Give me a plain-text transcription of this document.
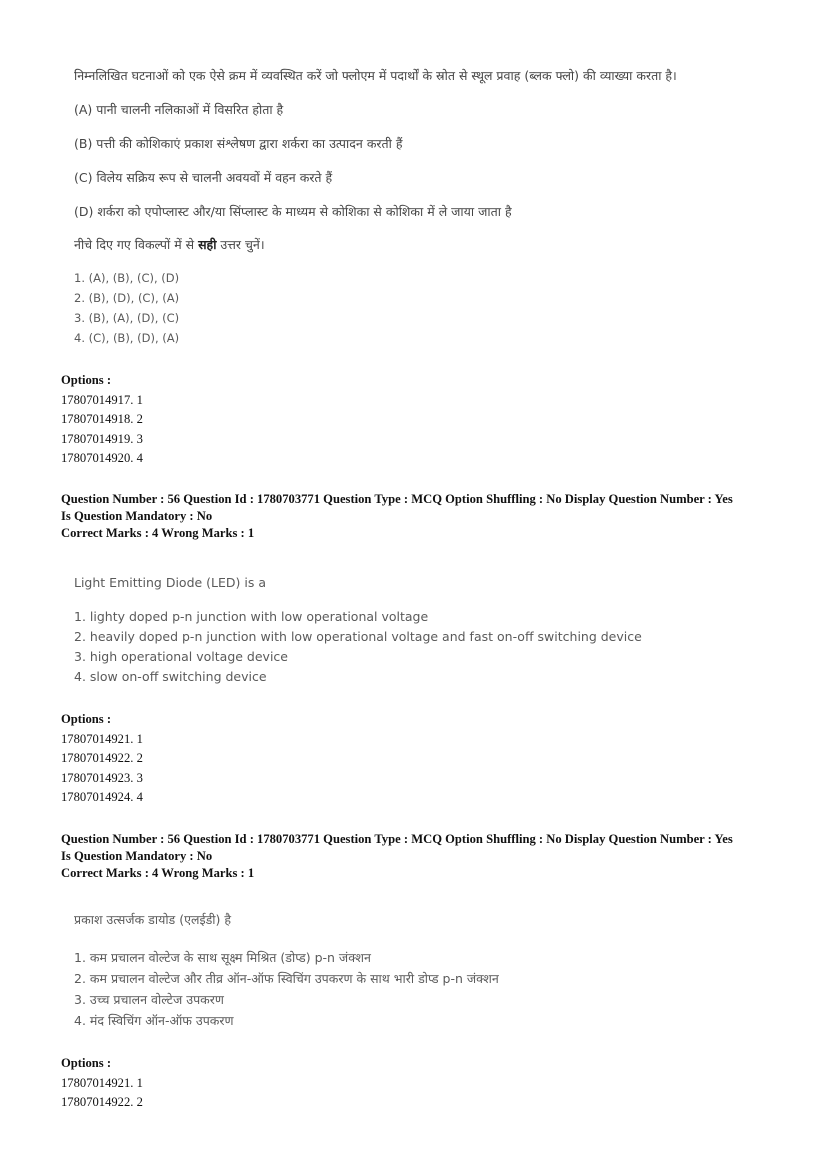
निम्नलिखित घटनाओं को एक ऐसे क्रम में व्यवस्थित करें जो फ्लोएम में पदार्थों के स्रोत से स्थूल प्रवाह (ब्लक फ्लो) की व्याख्या करता है।
(A) पानी चालनी नलिकाओं में विसरित होता है
(B) पत्ती की कोशिकाएं प्रकाश संश्लेषण द्वारा शर्करा का उत्पादन करती हैं
(C) विलेय सक्रिय रूप से चालनी अवयवों में वहन करते हैं
(D) शर्करा को एपोप्लास्ट और/या सिंप्लास्ट के माध्यम से कोशिका से कोशिका में ले जाया जाता है
नीचे दिए गए विकल्पों में से सही उत्तर चुनें।
1. (A), (B), (C), (D)
2. (B), (D), (C), (A)
3. (B), (A), (D), (C)
4. (C), (B), (D), (A)
Options :
17807014917. 1
17807014918. 2
17807014919. 3
17807014920. 4
Question Number : 56 Question Id : 1780703771 Question Type : MCQ Option Shuffling : No Display Question Number : Yes
Is Question Mandatory : No
Correct Marks : 4 Wrong Marks : 1
Light Emitting Diode (LED) is a
1. lighty doped p-n junction with low operational voltage
2. heavily doped p-n junction with low operational voltage and fast on-off switching device
3. high operational voltage device
4. slow on-off switching device
Options :
17807014921. 1
17807014922. 2
17807014923. 3
17807014924. 4
Question Number : 56 Question Id : 1780703771 Question Type : MCQ Option Shuffling : No Display Question Number : Yes
Is Question Mandatory : No
Correct Marks : 4 Wrong Marks : 1
प्रकाश उत्सर्जक डायोड (एलईडी) है
1. कम प्रचालन वोल्टेज के साथ सूक्ष्म मिश्रित (डोप्ड) p-n जंक्शन
2. कम प्रचालन वोल्टेज और तीव्र ऑन-ऑफ स्विचिंग उपकरण के साथ भारी डोप्ड p-n जंक्शन
3. उच्च प्रचालन वोल्टेज उपकरण
4. मंद स्विचिंग ऑन-ऑफ उपकरण
Options :
17807014921. 1
17807014922. 2
